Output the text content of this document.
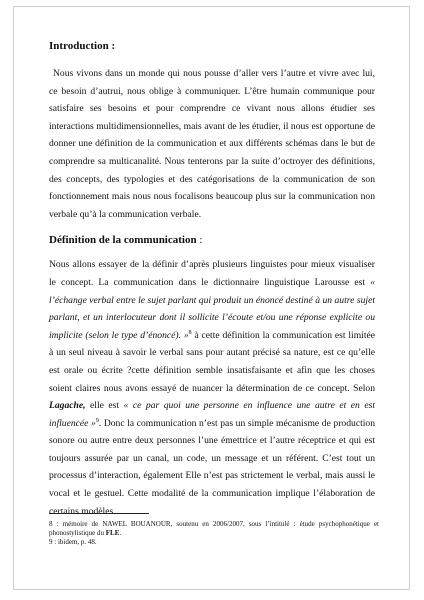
Introduction :

Nous vivons dans un monde qui nous pousse d’aller vers l’autre et vivre avec lui, ce besoin d’autrui, nous oblige à communiquer. L’être humain communique pour satisfaire ses besoins et pour comprendre ce vivant nous allons étudier ses interactions multidimensionnelles, mais avant de les étudier, il nous est opportune de donner une définition de la communication et aux différents schémas dans le but de comprendre sa multicanalité. Nous tenterons par la suite d’octroyer des définitions, des concepts, des typologies et des catégorisations de la communication de son fonctionnement mais nous nous focalisons beaucoup plus sur la communication non verbale qu’à la communication verbale.

Définition de la communication :

Nous allons essayer de la définir d’après plusieurs linguistes pour mieux visualiser le concept. La communication dans le dictionnaire linguistique Larousse est « l’échange verbal entre le sujet parlant qui produit un énoncé destiné à un autre sujet parlant, et un interlocuteur dont il sollicite l’écoute et/ou une réponse explicite ou implicite (selon le type d’énoncé). »$^8$ à cette définition la communication est limitée à un seul niveau à savoir le verbal sans pour autant précisé sa nature, est ce qu’elle est orale ou écrite ?cette définition semble insatisfaisante et afin que les choses soient claires nous avons essayé de nuancer la détermination de ce concept. Selon Lagache, elle est « ce par quoi une personne en influence une autre et en est influencée »$^9$. Donc la communication n’est pas un simple mécanisme de production sonore ou autre entre deux personnes l’une émettrice et l’autre réceptrice et qui est toujours assurée par un canal, un code, un message et un référent. C’est tout un processus d’interaction, également Elle n’est pas strictement le verbal, mais aussi le vocal et le gestuel. Cette modalité de la communication implique l’élaboration de certains modèles.

8 : mémoire de NAWEL BOUANOUR, soutenu en 2006/2007, sous l’intitulé : étude psychophonétique et phonostylistique du FLE.

9 : ibidem, p. 48.
